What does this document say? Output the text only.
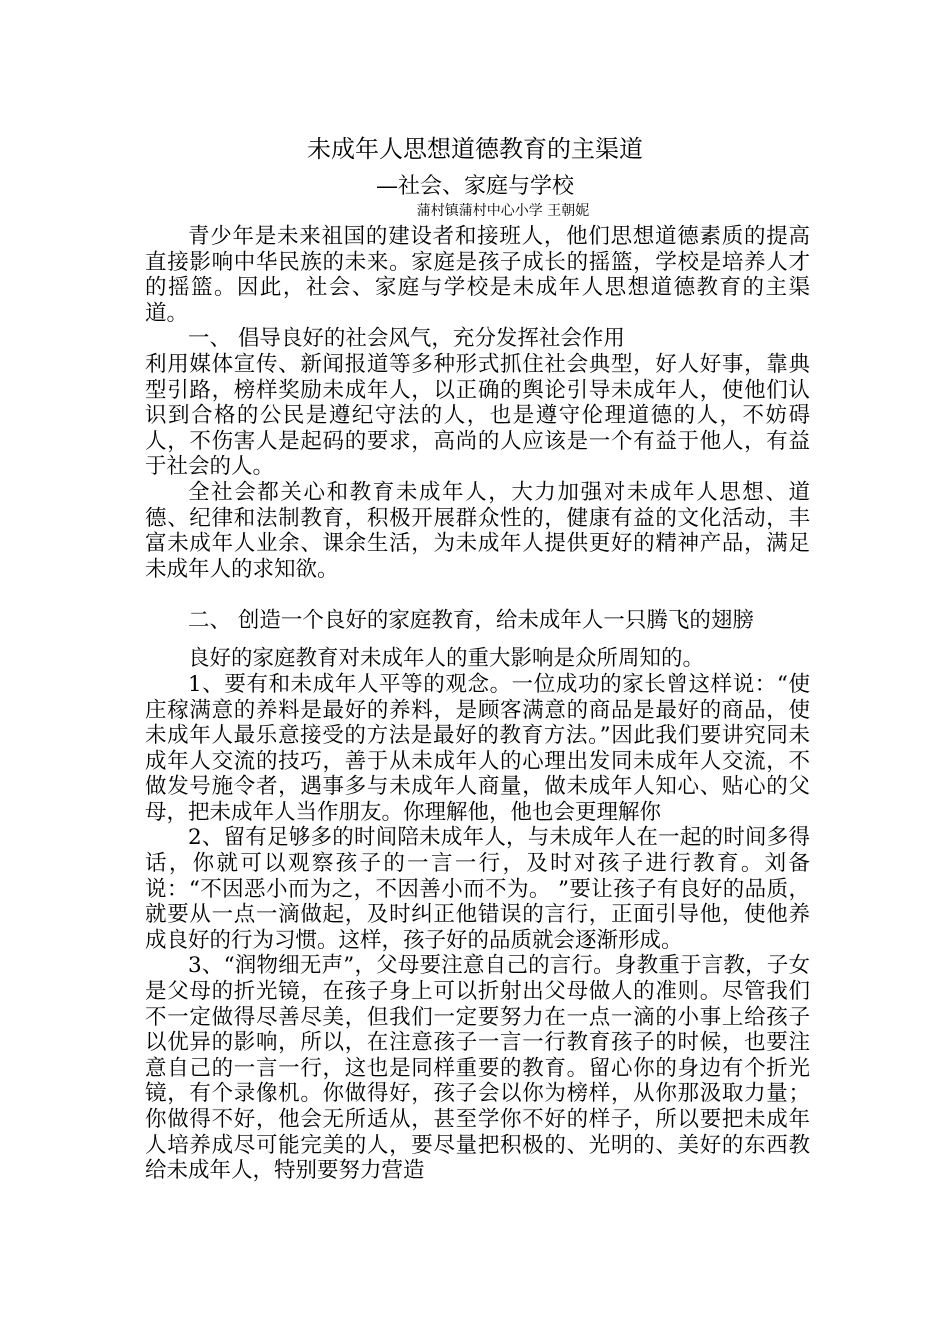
未成年人思想道德教育的主渠道
—社会、家庭与学校
蒲村镇蒲村中心小学 王朝妮

青少年是未来祖国的建设者和接班人，他们思想道德素质的提高直接影响中华民族的未来。家庭是孩子成长的摇篮，学校是培养人才的摇篮。因此，社会、家庭与学校是未成年人思想道德教育的主渠道。

一、 倡导良好的社会风气，充分发挥社会作用

利用媒体宣传、新闻报道等多种形式抓住社会典型，好人好事，靠典型引路，榜样奖励未成年人，以正确的舆论引导未成年人，使他们认识到合格的公民是遵纪守法的人，也是遵守伦理道德的人，不妨碍人，不伤害人是起码的要求，高尚的人应该是一个有益于他人，有益于社会的人。

全社会都关心和教育未成年人，大力加强对未成年人思想、道德、纪律和法制教育，积极开展群众性的，健康有益的文化活动，丰富未成年人业余、课余生活，为未成年人提供更好的精神产品，满足未成年人的求知欲。

二、 创造一个良好的家庭教育，给未成年人一只腾飞的翅膀

良好的家庭教育对未成年人的重大影响是众所周知的。

1、要有和未成年人平等的观念。一位成功的家长曾这样说：“使庄稼满意的养料是最好的养料，是顾客满意的商品是最好的商品，使未成年人最乐意接受的方法是最好的教育方法。”因此我们要讲究同未成年人交流的技巧，善于从未成年人的心理出发同未成年人交流，不做发号施令者，遇事多与未成年人商量，做未成年人知心、贴心的父母，把未成年人当作朋友。你理解他，他也会更理解你

2、留有足够多的时间陪未成年人，与未成年人在一起的时间多得话，你就可以观察孩子的一言一行，及时对孩子进行教育。刘备说：“不因恶小而为之，不因善小而不为。 ”要让孩子有良好的品质，就要从一点一滴做起，及时纠正他错误的言行，正面引导他，使他养成良好的行为习惯。这样，孩子好的品质就会逐渐形成。

3、“润物细无声”，父母要注意自己的言行。身教重于言教，子女是父母的折光镜，在孩子身上可以折射出父母做人的准则。尽管我们不一定做得尽善尽美，但我们一定要努力在一点一滴的小事上给孩子以优异的影响，所以，在注意孩子一言一行教育孩子的时候，也要注意自己的一言一行，这也是同样重要的教育。留心你的身边有个折光镜，有个录像机。你做得好，孩子会以你为榜样，从你那汲取力量；你做得不好，他会无所适从，甚至学你不好的样子，所以要把未成年人培养成尽可能完美的人，要尽量把积极的、光明的、美好的东西教给未成年人，特别要努力营造
